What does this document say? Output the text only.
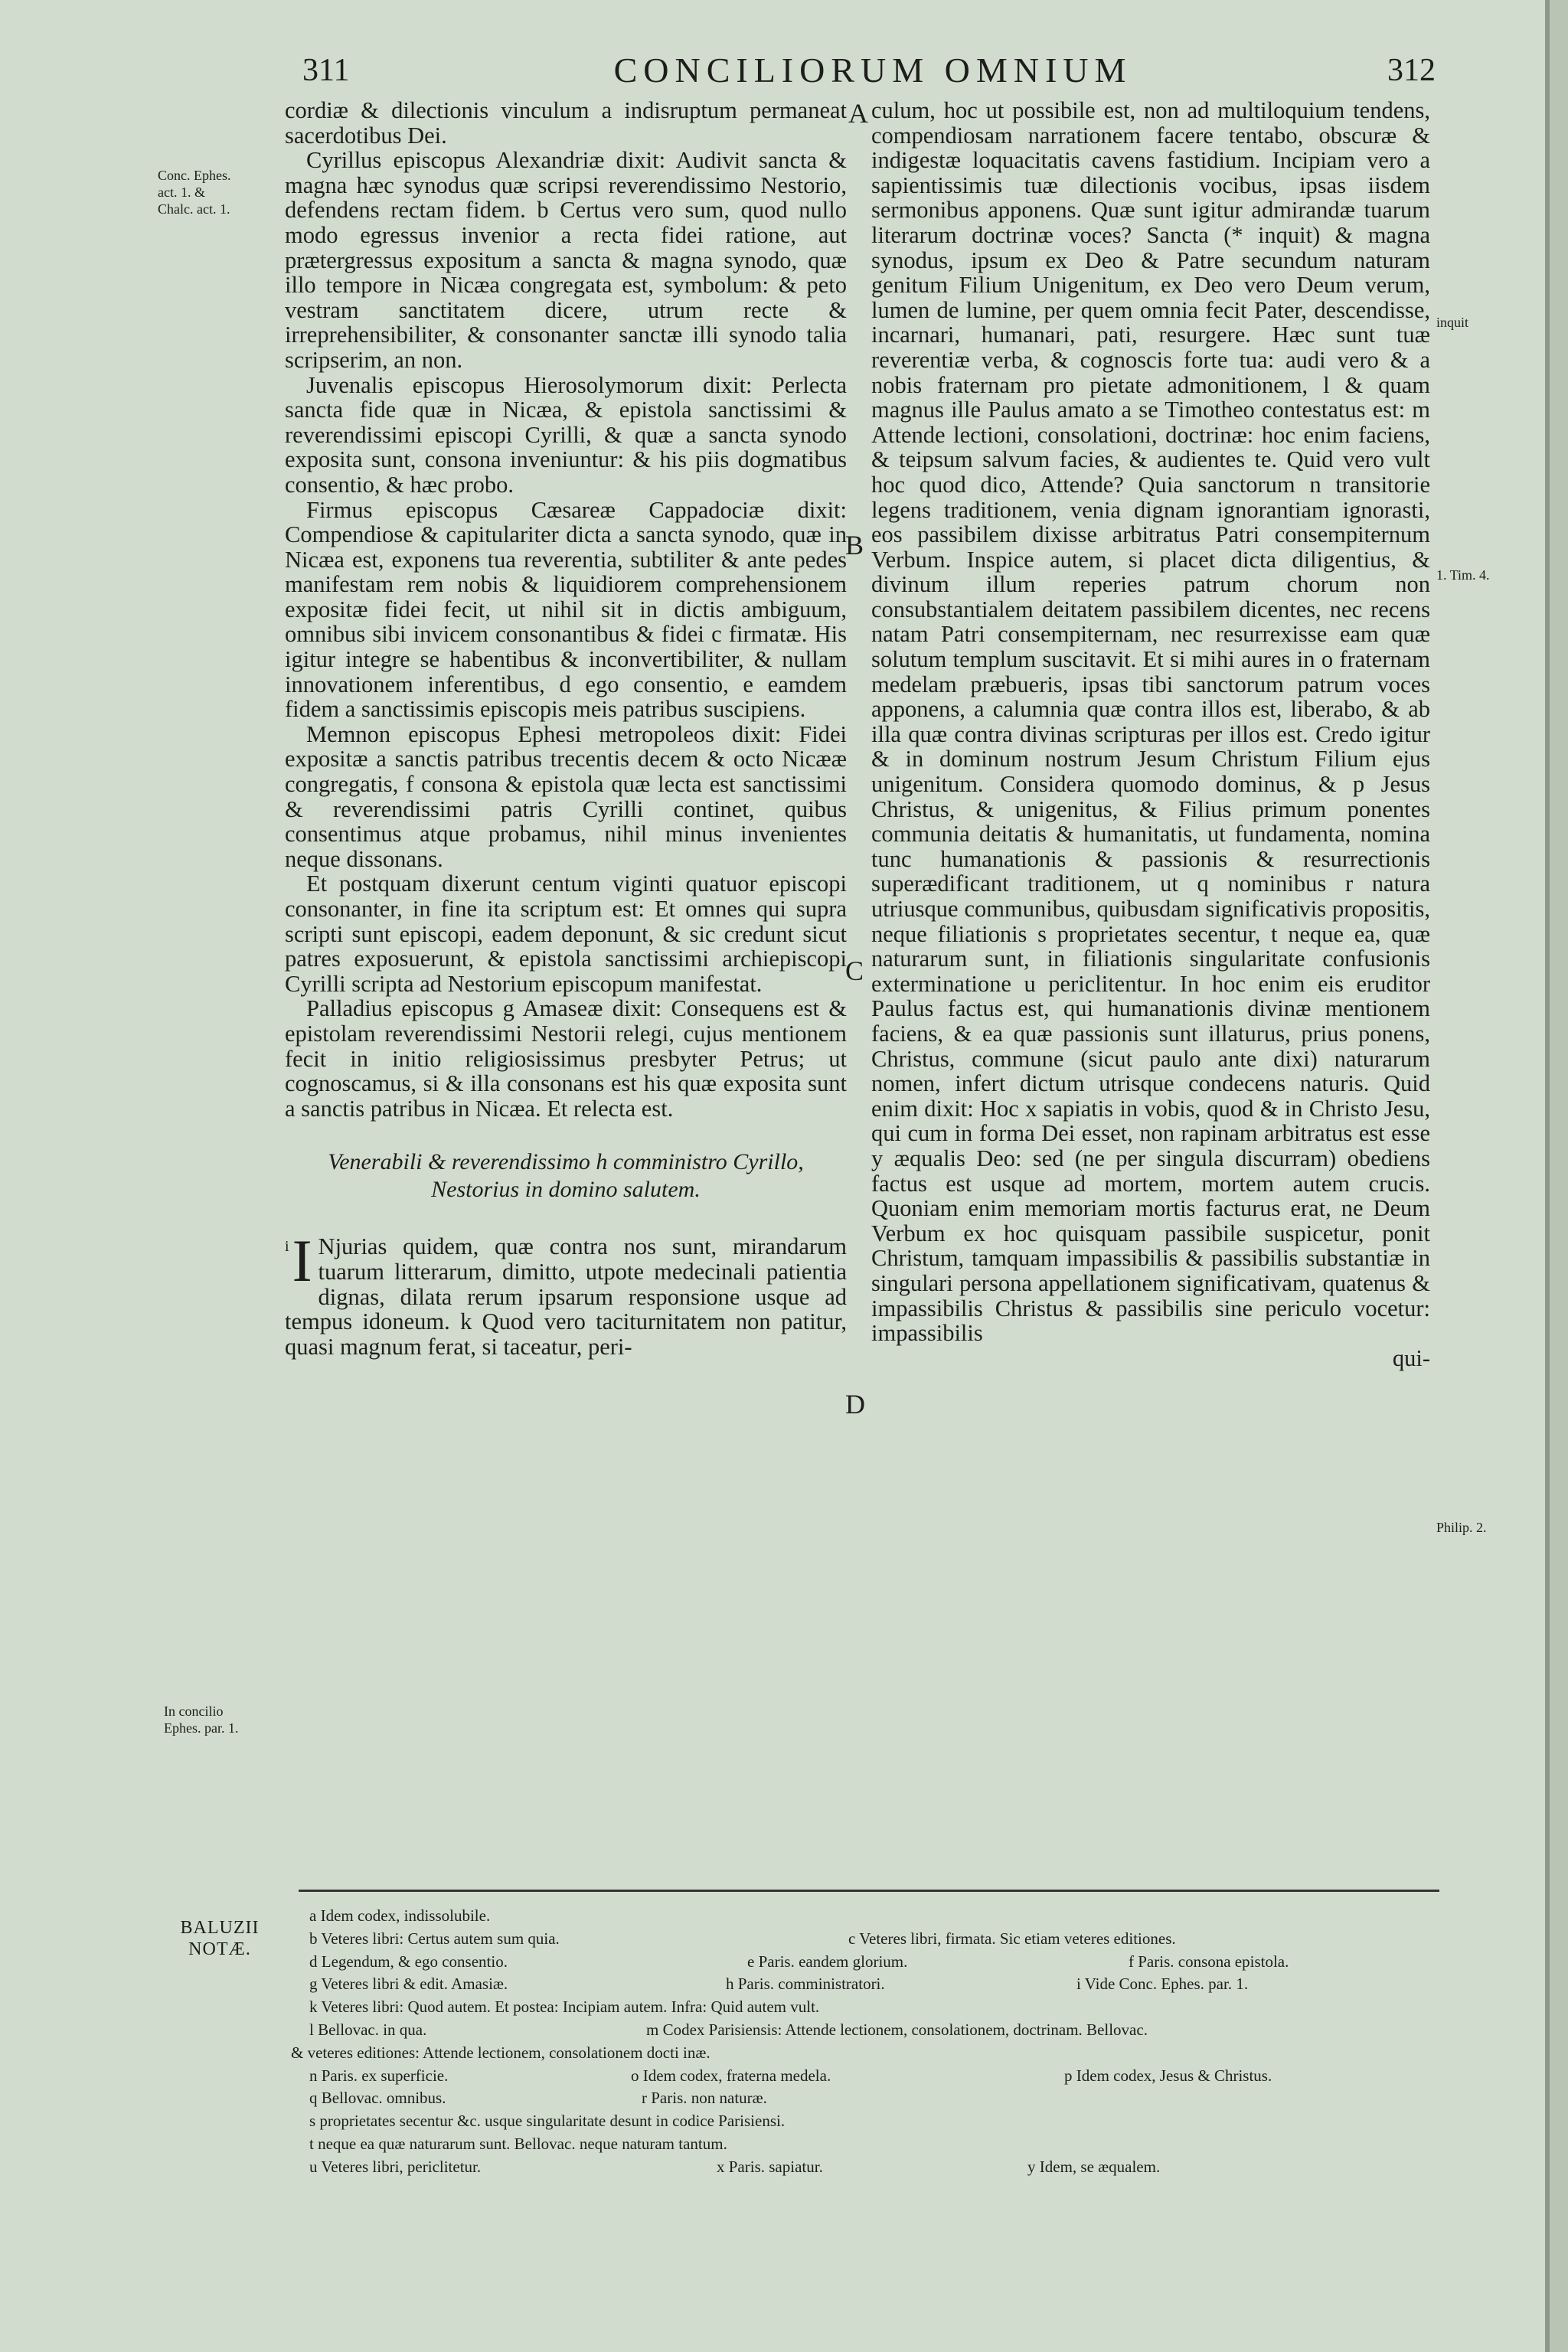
311	CONCILIORUM OMNIUM	312
Conc. Ephes.
act. 1. &
Chalc. act. 1.
In concilio
Ephes. par. 1.
inquit
1. Tim. 4.
Philip. 2.
A
B
C
D

cordiæ & dilectionis vinculum a indisruptum permaneat sacerdotibus Dei.

Cyrillus episcopus Alexandriæ dixit: Audivit sancta & magna hæc synodus quæ scripsi reverendissimo Nestorio, defendens rectam fidem. b Certus vero sum, quod nullo modo egressus invenior a recta fidei ratione, aut prætergressus expositum a sancta & magna synodo, quæ illo tempore in Nicæa congregata est, symbolum: & peto vestram sanctitatem dicere, utrum recte & irreprehensibiliter, & consonanter sanctæ illi synodo talia scripserim, an non.

Juvenalis episcopus Hierosolymorum dixit: Perlecta sancta fide quæ in Nicæa, & epistola sanctissimi & reverendissimi episcopi Cyrilli, & quæ a sancta synodo exposita sunt, consona inveniuntur: & his piis dogmatibus consentio, & hæc probo.

Firmus episcopus Cæsareæ Cappadociæ dixit: Compendiose & capitulariter dicta a sancta synodo, quæ in Nicæa est, exponens tua reverentia, subtiliter & ante pedes manifestam rem nobis & liquidiorem comprehensionem expositæ fidei fecit, ut nihil sit in dictis ambiguum, omnibus sibi invicem consonantibus & fidei c firmatæ. His igitur integre se habentibus & inconvertibiliter, & nullam innovationem inferentibus, d ego consentio, e eamdem fidem a sanctissimis episcopis meis patribus suscipiens.

Memnon episcopus Ephesi metropoleos dixit: Fidei expositæ a sanctis patribus trecentis decem & octo Nicææ congregatis, f consona & epistola quæ lecta est sanctissimi & reverendissimi patris Cyrilli continet, quibus consentimus atque probamus, nihil minus invenientes neque dissonans.

Et postquam dixerunt centum viginti quatuor episcopi consonanter, in fine ita scriptum est: Et omnes qui supra scripti sunt episcopi, eadem deponunt, & sic credunt sicut patres exposuerunt, & epistola sanctissimi archiepiscopi Cyrilli scripta ad Nestorium episcopum manifestat.

Palladius episcopus g Amaseæ dixit: Consequens est & epistolam reverendissimi Nestorii relegi, cujus mentionem fecit in initio religiosissimus presbyter Petrus; ut cognoscamus, si & illa consonans est his quæ exposita sunt a sanctis patribus in Nicæa. Et relecta est.

Venerabili & reverendissimo h comministro Cyrillo, Nestorius in domino salutem.

i I Njurias quidem, quæ contra nos sunt, mirandarum tuarum litterarum, dimitto, utpote medecinali patientia dignas, dilata rerum ipsarum responsione usque ad tempus idoneum. k Quod vero taciturnitatem non patitur, quasi magnum ferat, si taceatur, peri-

culum, hoc ut possibile est, non ad multiloquium tendens, compendiosam narrationem facere tentabo, obscuræ & indigestæ loquacitatis cavens fastidium. Incipiam vero a sapientissimis tuæ dilectionis vocibus, ipsas iisdem sermonibus apponens. Quæ sunt igitur admirandæ tuarum literarum doctrinæ voces? Sancta (* inquit) & magna synodus, ipsum ex Deo & Patre secundum naturam genitum Filium Unigenitum, ex Deo vero Deum verum, lumen de lumine, per quem omnia fecit Pater, descendisse, incarnari, humanari, pati, resurgere. Hæc sunt tuæ reverentiæ verba, & cognoscis forte tua: audi vero & a nobis fraternam pro pietate admonitionem, l & quam magnus ille Paulus amato a se Timotheo contestatus est: m Attende lectioni, consolationi, doctrinæ: hoc enim faciens, & teipsum salvum facies, & audientes te. Quid vero vult hoc quod dico, Attende? Quia sanctorum n transitorie legens traditionem, venia dignam ignorantiam ignorasti, eos passibilem dixisse arbitratus Patri consempiternum Verbum. Inspice autem, si placet dicta diligentius, & divinum illum reperies patrum chorum non consubstantialem deitatem passibilem dicentes, nec recens natam Patri consempiternam, nec resurrexisse eam quæ solutum templum suscitavit. Et si mihi aures in o fraternam medelam præbueris, ipsas tibi sanctorum patrum voces apponens, a calumnia quæ contra illos est, liberabo, & ab illa quæ contra divinas scripturas per illos est. Credo igitur & in dominum nostrum Jesum Christum Filium ejus unigenitum. Considera quomodo dominus, & p Jesus Christus, & unigenitus, & Filius primum ponentes communia deitatis & humanitatis, ut fundamenta, nomina tunc humanationis & passionis & resurrectionis superædificant traditionem, ut q nominibus r natura utriusque communibus, quibusdam significativis propositis, neque filiationis s proprietates secentur, t neque ea, quæ naturarum sunt, in filiationis singularitate confusionis exterminatione u periclitentur. In hoc enim eis eruditor Paulus factus est, qui humanationis divinæ mentionem faciens, & ea quæ passionis sunt illaturus, prius ponens, Christus, commune (sicut paulo ante dixi) naturarum nomen, infert dictum utrisque condecens naturis. Quid enim dixit: Hoc x sapiatis in vobis, quod & in Christo Jesu, qui cum in forma Dei esset, non rapinam arbitratus est esse y æqualis Deo: sed (ne per singula discurram) obediens factus est usque ad mortem, mortem autem crucis. Quoniam enim memoriam mortis facturus erat, ne Deum Verbum ex hoc quisquam passibile suspicetur, ponit Christum, tamquam impassibilis & passibilis substantiæ in singulari persona appellationem significativam, quatenus & impassibilis Christus & passibilis sine periculo vocetur: impassibilis

qui-

BALUZII NOTÆ.
a Idem codex, indissolubile.
b Veteres libri: Certus autem sum quia.	c Veteres libri, firmata. Sic etiam veteres editiones.
d Legendum, & ego consentio.	e Paris. eandem glorium.	f Paris. consona epistola.
g Veteres libri & edit. Amasiæ.	h Paris. comministratori.	i Vide Conc. Ephes. par. 1.
k Veteres libri: Quod autem. Et postea: Incipiam autem. Infra: Quid autem vult.
l Bellovac. in qua.	m Codex Parisiensis: Attende lectionem, consolationem, doctrinam. Bellovac.
& veteres editiones: Attende lectionem, consolationem docti inæ.
n Paris. ex superficie.	o Idem codex, fraterna medela.	p Idem codex, Jesus & Christus.
q Bellovac. omnibus.	r Paris. non naturæ.
s proprietates secentur &c. usque singularitate desunt in codice Parisiensi.
t neque ea quæ naturarum sunt. Bellovac. neque naturam tantum.
u Veteres libri, periclitetur.	x Paris. sapiatur.	y Idem, se æqualem.
